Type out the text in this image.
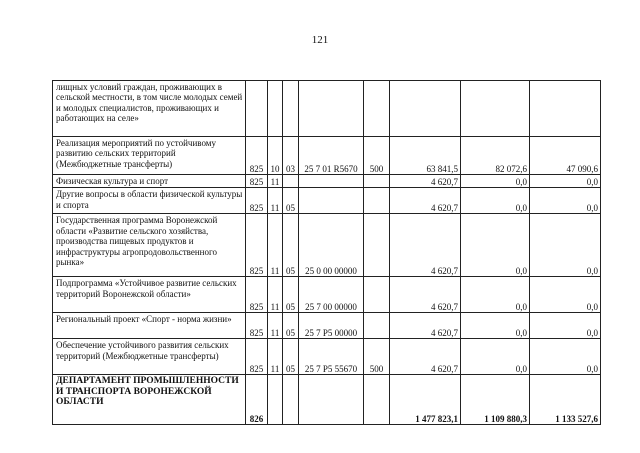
121
лищных условий граждан, проживающих в сельской местности, в том числе молодых семей и молодых специалистов, проживающих и работающих на селе»								
Реализация мероприятий по устойчивому развитию сельских территорий (Межбюджетные трансферты)	825	10	03	25 7 01 R5670	500	63 841,5	82 072,6	47 090,6
Физическая культура и спорт	825	11				4 620,7	0,0	0,0
Другие вопросы в области физической культуры и спорта	825	11	05			4 620,7	0,0	0,0
Государственная программа Воронежской области «Развитие сельского хозяйства, производства пищевых продуктов и инфраструктуры агропродовольственного рынка»	825	11	05	25 0 00 00000		4 620,7	0,0	0,0
Подпрограмма «Устойчивое развитие сельских территорий Воронежской области»	825	11	05	25 7 00 00000		4 620,7	0,0	0,0
Региональный проект «Спорт - норма жизни»	825	11	05	25 7 Р5 00000		4 620,7	0,0	0,0
Обеспечение устойчивого развития сельских территорий (Межбюджетные трансферты)	825	11	05	25 7 Р5 55670	500	4 620,7	0,0	0,0
ДЕПАРТАМЕНТ ПРОМЫШЛЕННОСТИ И ТРАНСПОРТА ВОРОНЕЖСКОЙ ОБЛАСТИ	826					1 477 823,1	1 109 880,3	1 133 527,6
